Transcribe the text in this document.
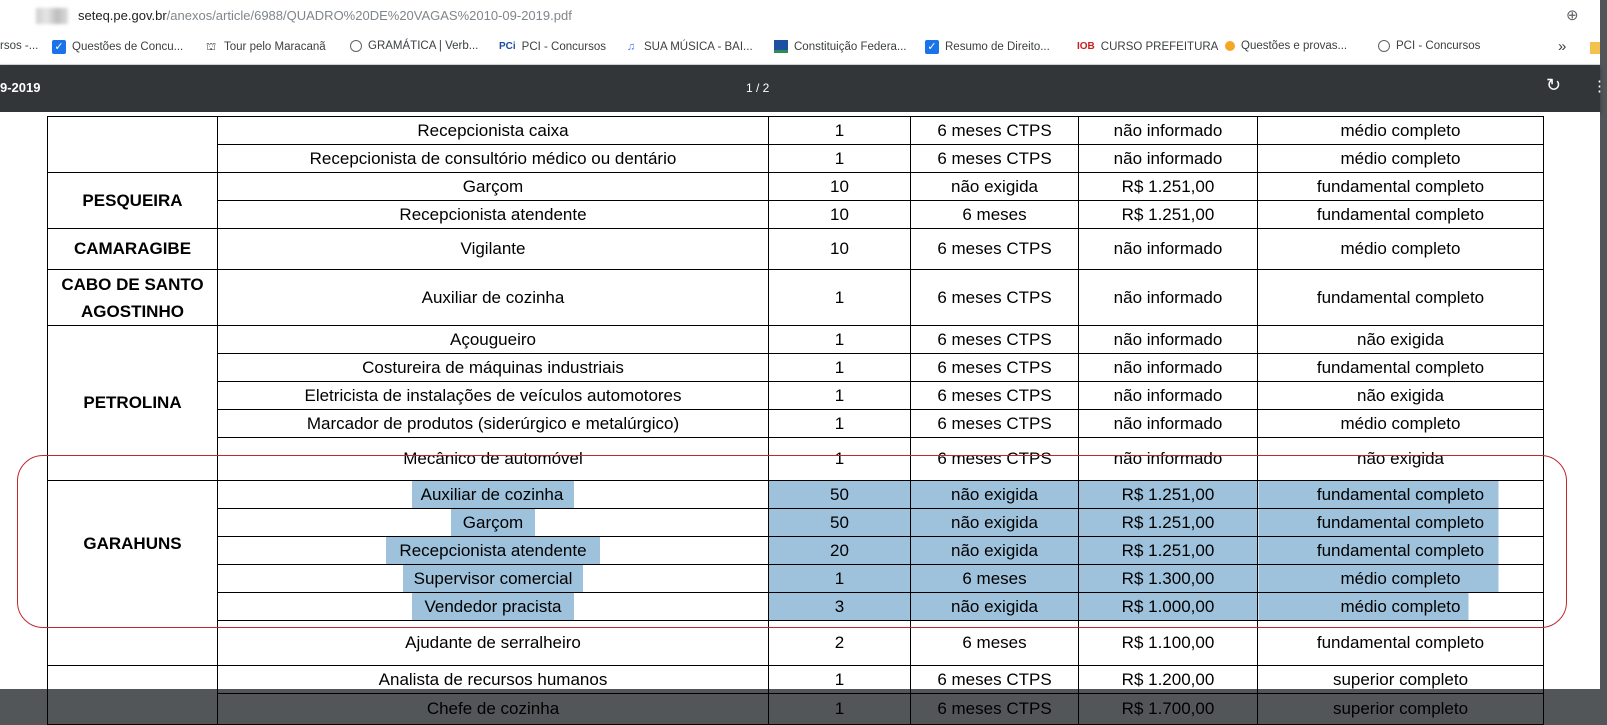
seteq.pe.gov.br/anexos/article/6988/QUADRO%20DE%20VAGAS%2010-09-2019.pdf	⊕
rsos -... ✓ Questões de Concu... ⛫ Tour pelo Maracanã	GRAMÁTICA | Verb... PCi PCI - Concursos ♫ SUA MÚSICA - BAI...	Constituição Federa... ✓ Resumo de Direito...	IOB CURSO PREFEITURA Questões e provas...	PCI - Concursos	»
9-2019	1 / 2	↻ ⋮
	Recepcionista caixa	1	6 meses CTPS	não informado	médio completo
	Recepcionista de consultório médico ou dentário	1	6 meses CTPS	não informado	médio completo
PESQUEIRA	Garçom	10	não exigida	R$ 1.251,00	fundamental completo
	Recepcionista atendente	10	6 meses	R$ 1.251,00	fundamental completo
CAMARAGIBE	Vigilante	10	6 meses CTPS	não informado	médio completo
CABO DE SANTO AGOSTINHO	Auxiliar de cozinha	1	6 meses CTPS	não informado	fundamental completo
PETROLINA	Açougueiro	1	6 meses CTPS	não informado	não exigida
	Costureira de máquinas industriais	1	6 meses CTPS	não informado	fundamental completo
	Eletricista de instalações de veículos automotores	1	6 meses CTPS	não informado	não exigida
	Marcador de produtos (siderúrgico e metalúrgico)	1	6 meses CTPS	não informado	médio completo
	Mecânico de automóvel	1	6 meses CTPS	não informado	não exigida
GARAHUNS	Auxiliar de cozinha	50	não exigida	R$ 1.251,00	fundamental completo
	Garçom	50	não exigida	R$ 1.251,00	fundamental completo
	Recepcionista atendente	20	não exigida	R$ 1.251,00	fundamental completo
	Supervisor comercial	1	6 meses	R$ 1.300,00	médio completo
	Vendedor pracista	3	não exigida	R$ 1.000,00	médio completo
	Ajudante de serralheiro	2	6 meses	R$ 1.100,00	fundamental completo
	Analista de recursos humanos	1	6 meses CTPS	R$ 1.200,00	superior completo
	Chefe de cozinha	1	6 meses CTPS	R$ 1.700,00	superior completo
